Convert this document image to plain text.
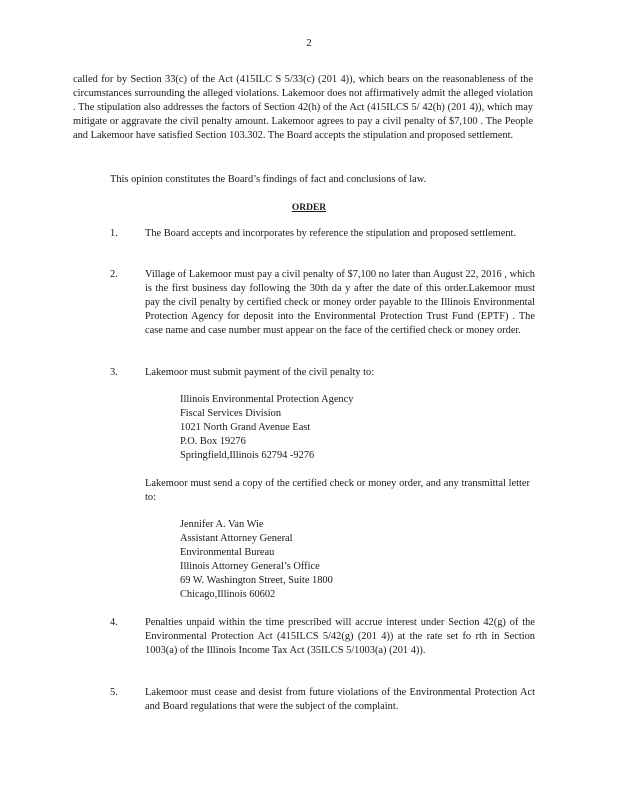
2
called for by Section 33(c) of the Act (415ILC S 5/33(c) (201 4)), which bears on the reasonableness of the circumstances surrounding the alleged violations. Lakemoor does not affirmatively admit the alleged violation . The stipulation also addresses the factors of Section 42(h) of the Act (415ILCS 5/ 42(h) (201 4)), which may mitigate or aggravate the civil penalty amount. Lakemoor agrees to pay a civil penalty of $7,100 . The People and Lakemoor have satisfied Section 103.302. The Board accepts the stipulation and proposed settlement.
This opinion constitutes the Board’s findings of fact and conclusions of law.
ORDER
1.	The Board accepts and incorporates by reference the stipulation and proposed settlement.
2.	Village of Lakemoor must pay a civil penalty of $7,100 no later than August 22, 2016 , which is the first business day following the 30th da y after the date of this order.Lakemoor must pay the civil penalty by certified check or money order payable to the Illinois Environmental Protection Agency for deposit into the Environmental Protection Trust Fund (EPTF) . The case name and case number must appear on the face of the certified check or money order.
3.	Lakemoor must submit payment of the civil penalty to:
Illinois Environmental Protection Agency
Fiscal Services Division
1021 North Grand Avenue East
P.O. Box 19276
Springfield,Illinois 62794 -9276
Lakemoor must send a copy of the certified check or money order, and any transmittal letter to:
Jennifer A. Van Wie
Assistant Attorney General
Environmental Bureau
Illinois Attorney General’s Office
69 W. Washington Street, Suite 1800
Chicago,Illinois 60602
4.	Penalties unpaid within the time prescribed will accrue interest under Section 42(g) of the Environmental Protection Act (415ILCS 5/42(g) (201 4)) at the rate set fo rth in Section 1003(a) of the Illinois Income Tax Act (35ILCS 5/1003(a) (201 4)).
5.	Lakemoor must cease and desist from future violations of the Environmental Protection Act and Board regulations that were the subject of the complaint.
